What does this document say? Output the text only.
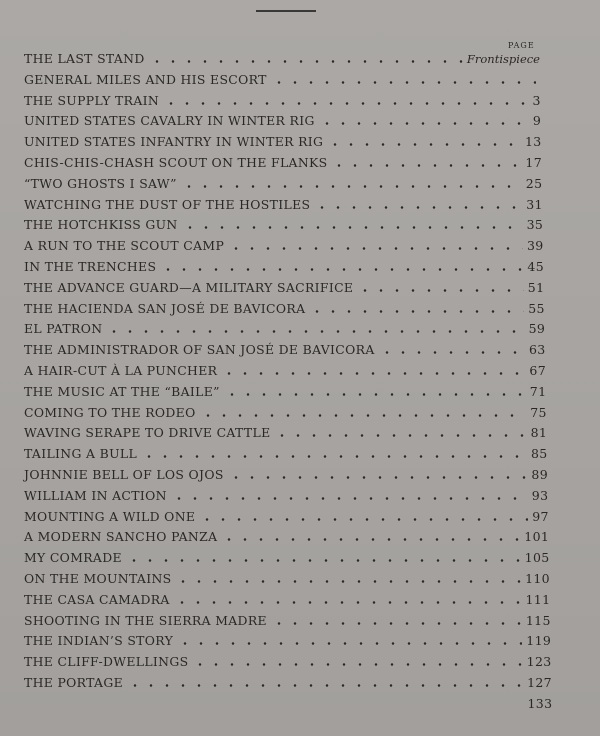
PAGE
THE LAST STAND	Frontispiece
GENERAL MILES AND HIS ESCORT
THE SUPPLY TRAIN	3
UNITED STATES CAVALRY IN WINTER RIG	9
UNITED STATES INFANTRY IN WINTER RIG	13
CHIS-CHIS-CHASH SCOUT ON THE FLANKS	17
“TWO GHOSTS I SAW”	25
WATCHING THE DUST OF THE HOSTILES	31
THE HOTCHKISS GUN	35
A RUN TO THE SCOUT CAMP	39
IN THE TRENCHES	45
THE ADVANCE GUARD—A MILITARY SACRIFICE	51
THE HACIENDA SAN JOSÉ DE BAVICORA	55
EL PATRON	59
THE ADMINISTRADOR OF SAN JOSÉ DE BAVICORA	63
A HAIR-CUT À LA PUNCHER	67
THE MUSIC AT THE “BAILE”	71
COMING TO THE RODEO	75
WAVING SERAPE TO DRIVE CATTLE	81
TAILING A BULL	85
JOHNNIE BELL OF LOS OJOS	89
WILLIAM IN ACTION	93
MOUNTING A WILD ONE	97
A MODERN SANCHO PANZA	101
MY COMRADE	105
ON THE MOUNTAINS	110
THE CASA CAMADRA	111
SHOOTING IN THE SIERRA MADRE	115
THE INDIAN’S STORY	119
THE CLIFF-DWELLINGS	123
THE PORTAGE	127
133
